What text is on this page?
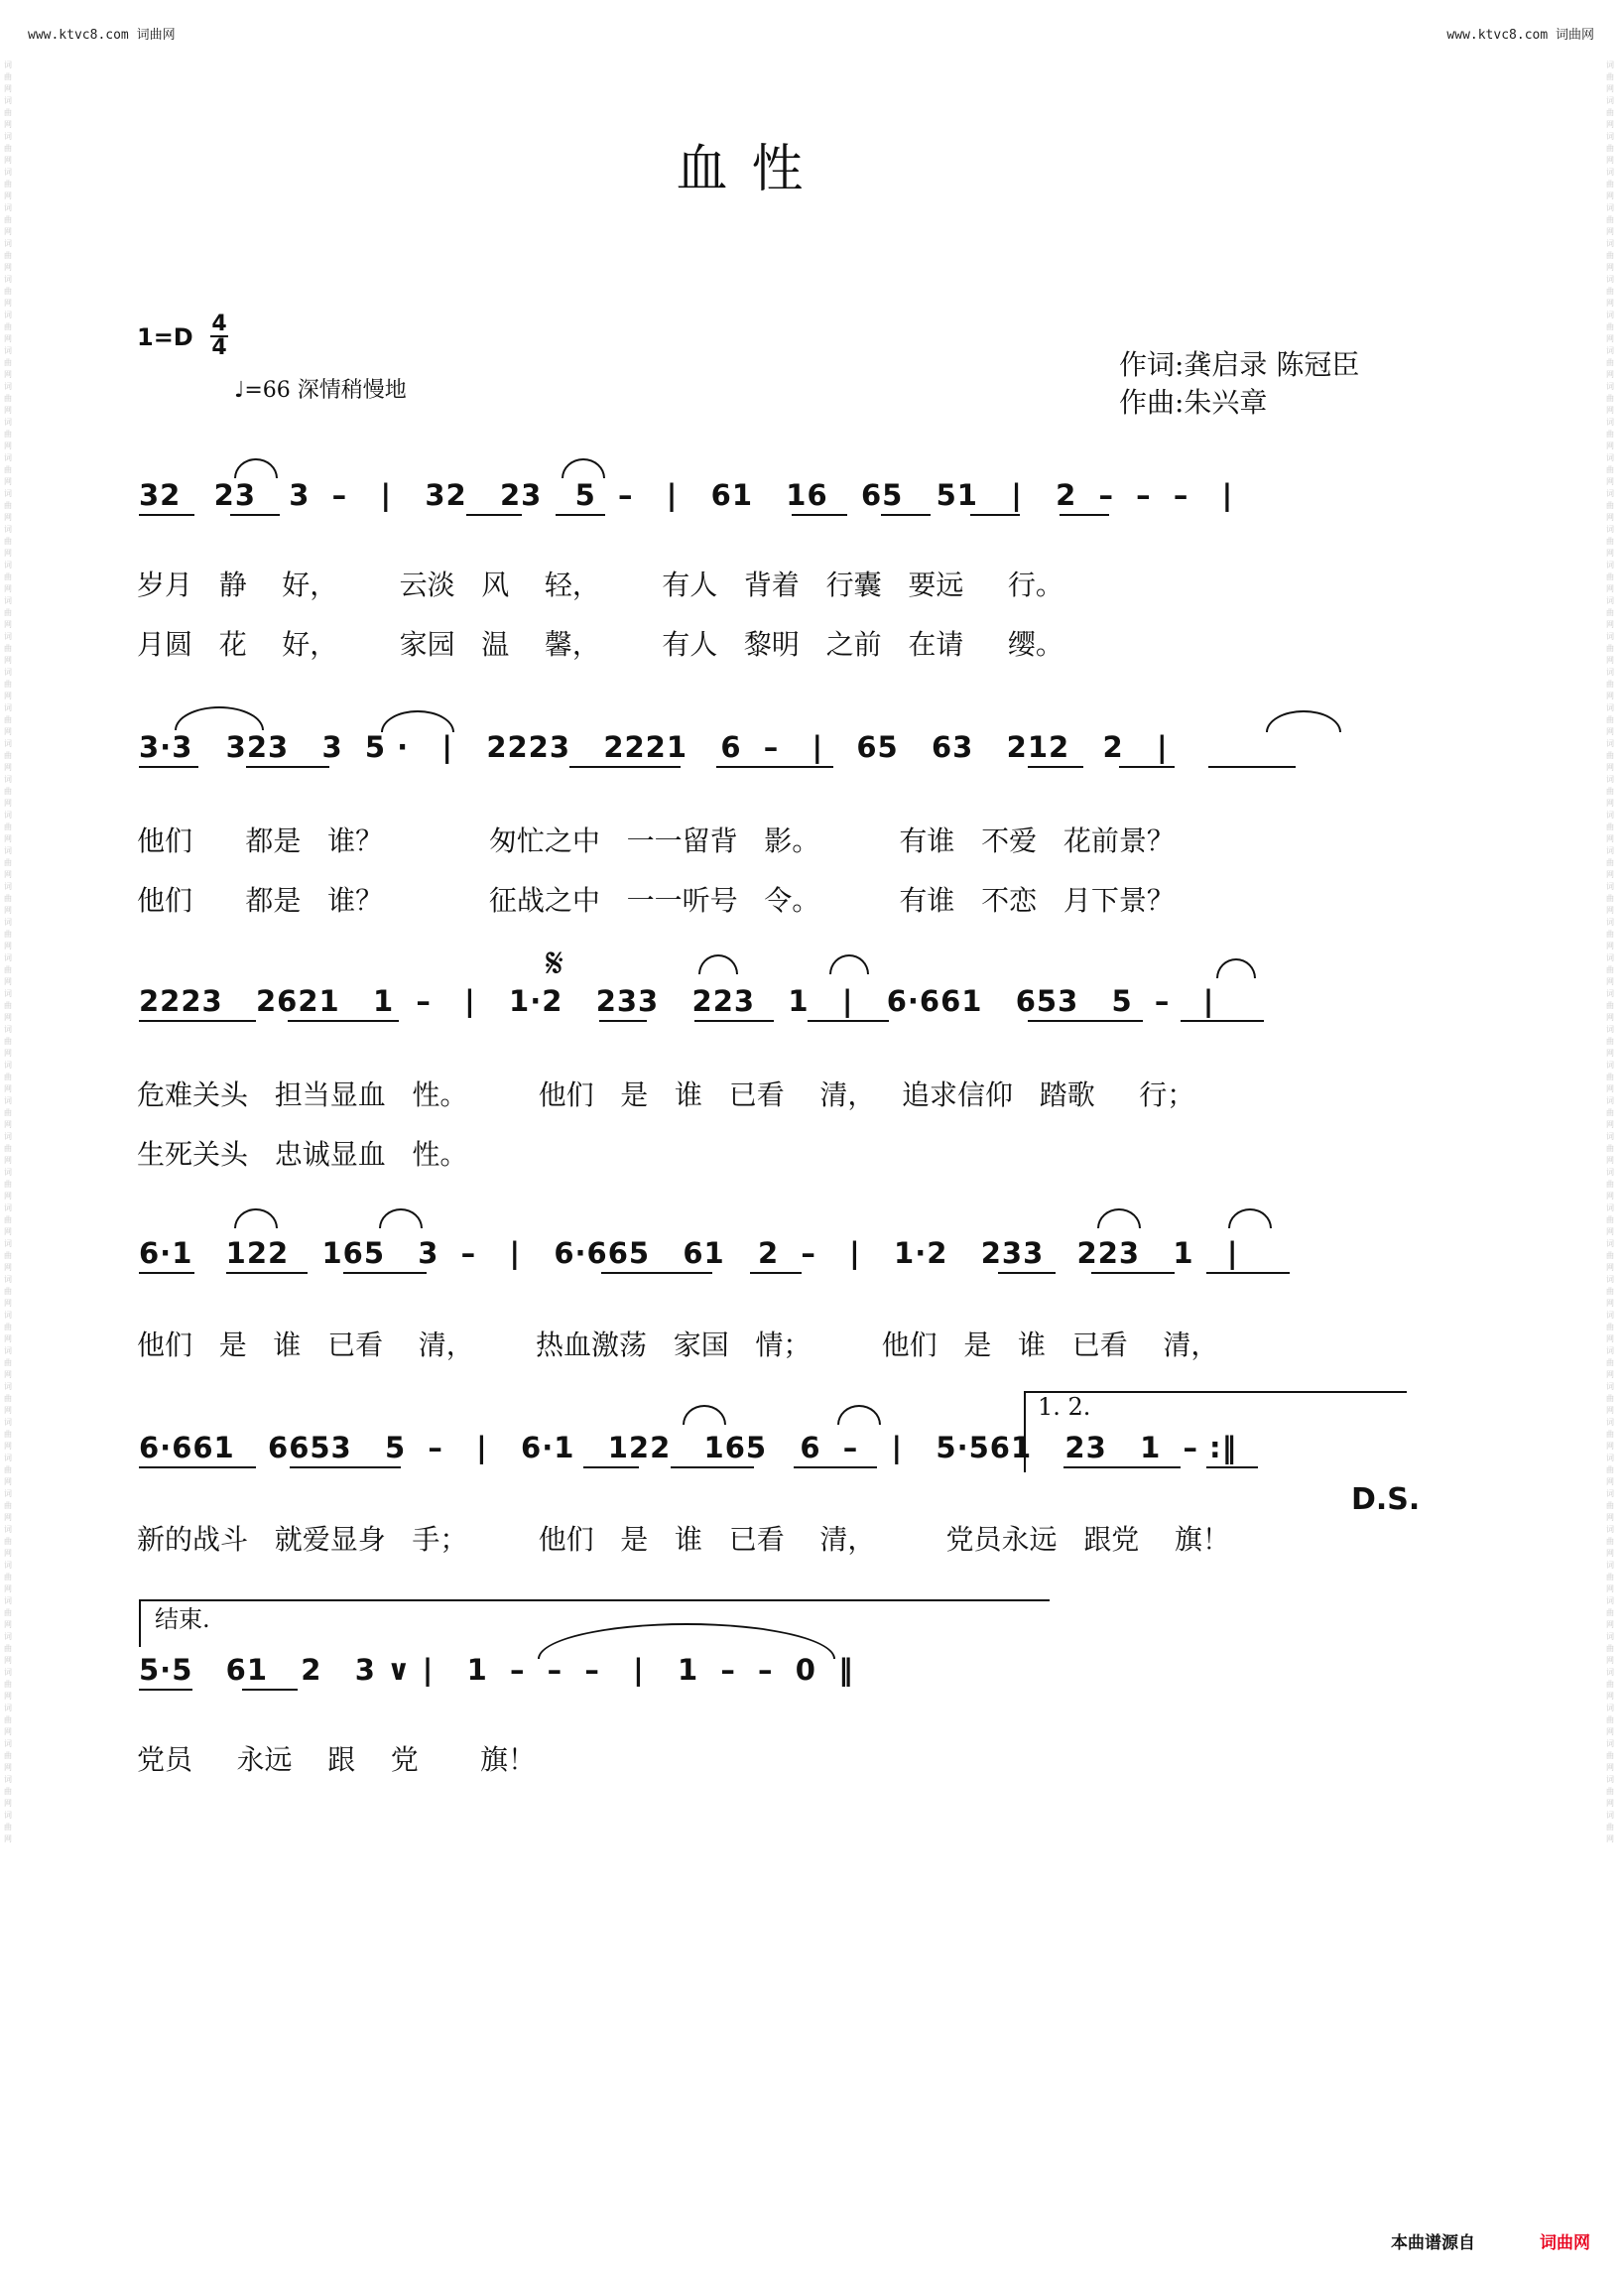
www.ktvc8.com 词曲网	www.ktvc8.com 词曲网
词曲网词曲网词曲网词曲网词曲网词曲网词曲网词曲网词曲网词曲网词曲网词曲网词曲网词曲网词曲网词曲网词曲网词曲网词曲网词曲网词曲网词曲网词曲网词曲网词曲网词曲网词曲网词曲网词曲网词曲网词曲网词曲网词曲网词曲网词曲网词曲网词曲网词曲网词曲网词曲网词曲网词曲网词曲网词曲网词曲网词曲网词曲网词曲网词曲网词曲网
词曲网词曲网词曲网词曲网词曲网词曲网词曲网词曲网词曲网词曲网词曲网词曲网词曲网词曲网词曲网词曲网词曲网词曲网词曲网词曲网词曲网词曲网词曲网词曲网词曲网词曲网词曲网词曲网词曲网词曲网词曲网词曲网词曲网词曲网词曲网词曲网词曲网词曲网词曲网词曲网词曲网词曲网词曲网词曲网词曲网词曲网词曲网词曲网词曲网词曲网
血性
1=D 4
4
♩=66 深情稍慢地
作词:龚启录 陈冠臣
作曲:朱兴章
32   23   3  –   |   32   23   5  –   |   61   16   65   51   |   2  –  –  –   |
岁月   静    好，       云淡   风    轻，       有人   背着   行囊   要远     行。
月圆   花    好，       家园   温    馨，       有人   黎明   之前   在请     缨。
3·3   323   3  5 ·   |   2223   2221   6  –   |   65   63   212   2   |
他们      都是   谁？            匆忙之中   一一留背   影。         有谁   不爱   花前景？
他们      都是   谁？            征战之中   一一听号   令。         有谁   不恋   月下景？
𝄋
2223   2621   1  –   |   1·2   233   223   1   |   6·661   653   5  –   |
危难关头   担当显血   性。        他们   是   谁   已看    清，   追求信仰   踏歌     行；
生死关头   忠诚显血   性。
6·1   122   165   3  –   |   6·665   61   2  –   |   1·2   233   223   1   |
他们   是   谁   已看    清，       热血激荡   家国   情；        他们   是   谁   已看    清，
1. 2.
6·661   6653   5  –   |   6·1   122   165   6  –   |   5·561   23   1  – :‖
D.S.
新的战斗   就爱显身   手；        他们   是   谁   已看    清，        党员永远   跟党    旗！
结束.
5·5   61   2   3 ∨ |   1  –  –  –   |   1  –  –  0  ‖
党员     永远    跟    党       旗！
本曲谱源自	词曲网
